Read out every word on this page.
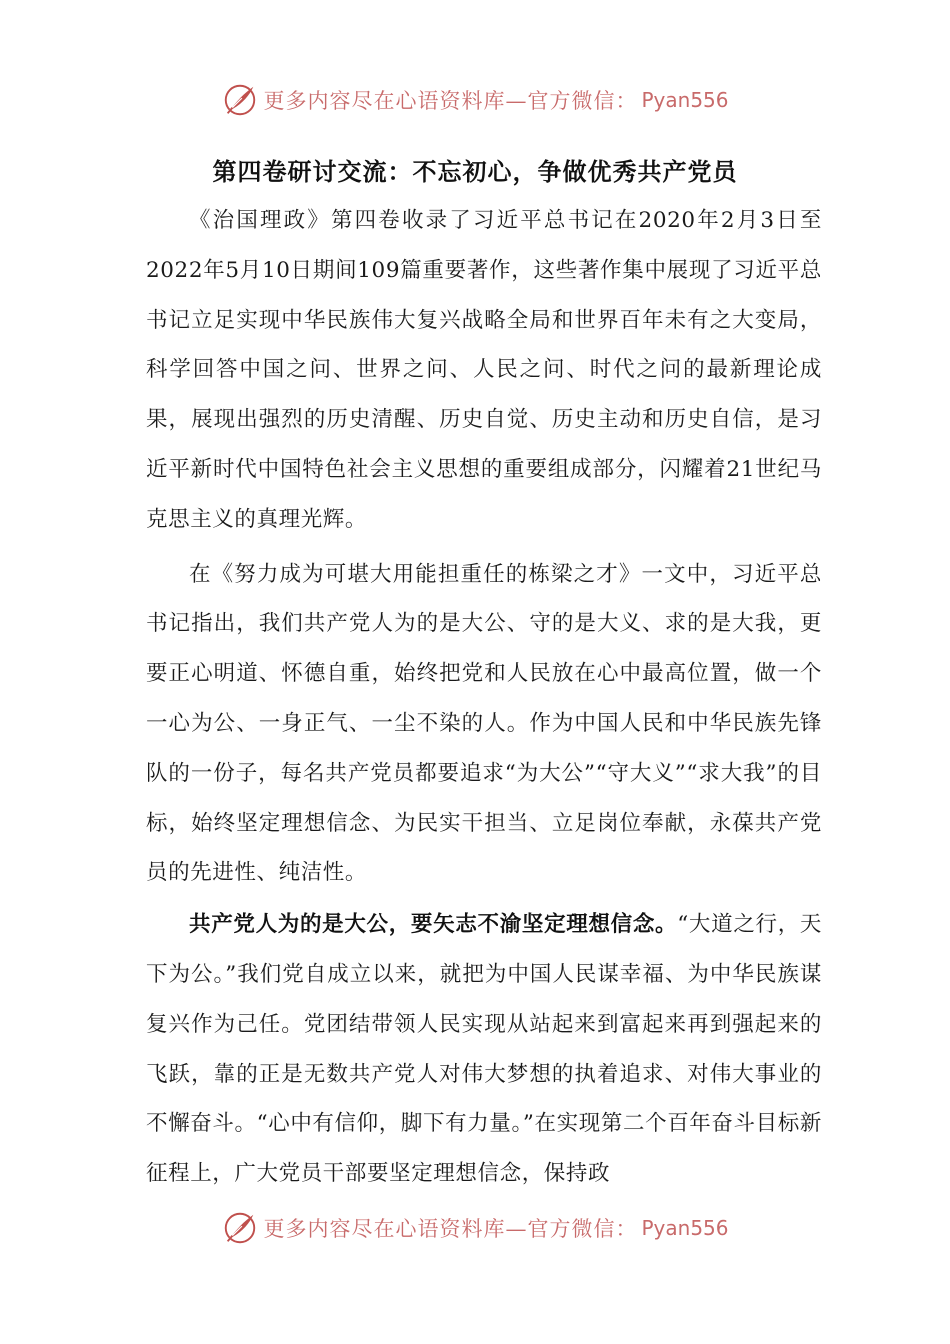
更多内容尽在心语资料库—官方微信： Pyan556
第四卷研讨交流：不忘初心，争做优秀共产党员

《治国理政》第四卷收录了习近平总书记在2020年2月3日至2022年5月10日期间109篇重要著作，这些著作集中展现了习近平总书记立足实现中华民族伟大复兴战略全局和世界百年未有之大变局，科学回答中国之问、世界之问、人民之问、时代之问的最新理论成果，展现出强烈的历史清醒、历史自觉、历史主动和历史自信，是习近平新时代中国特色社会主义思想的重要组成部分，闪耀着21世纪马克思主义的真理光辉。

在《努力成为可堪大用能担重任的栋梁之才》一文中，习近平总书记指出，我们共产党人为的是大公、守的是大义、求的是大我，更要正心明道、怀德自重，始终把党和人民放在心中最高位置，做一个一心为公、一身正气、一尘不染的人。作为中国人民和中华民族先锋队的一份子，每名共产党员都要追求“为大公”“守大义”“求大我”的目标，始终坚定理想信念、为民实干担当、立足岗位奉献，永葆共产党员的先进性、纯洁性。

共产党人为的是大公，要矢志不渝坚定理想信念。“大道之行，天下为公。”我们党自成立以来，就把为中国人民谋幸福、为中华民族谋复兴作为己任。党团结带领人民实现从站起来到富起来再到强起来的飞跃，靠的正是无数共产党人对伟大梦想的执着追求、对伟大事业的不懈奋斗。“心中有信仰，脚下有力量。”在实现第二个百年奋斗目标新征程上，广大党员干部要坚定理想信念，保持政

更多内容尽在心语资料库—官方微信： Pyan556
